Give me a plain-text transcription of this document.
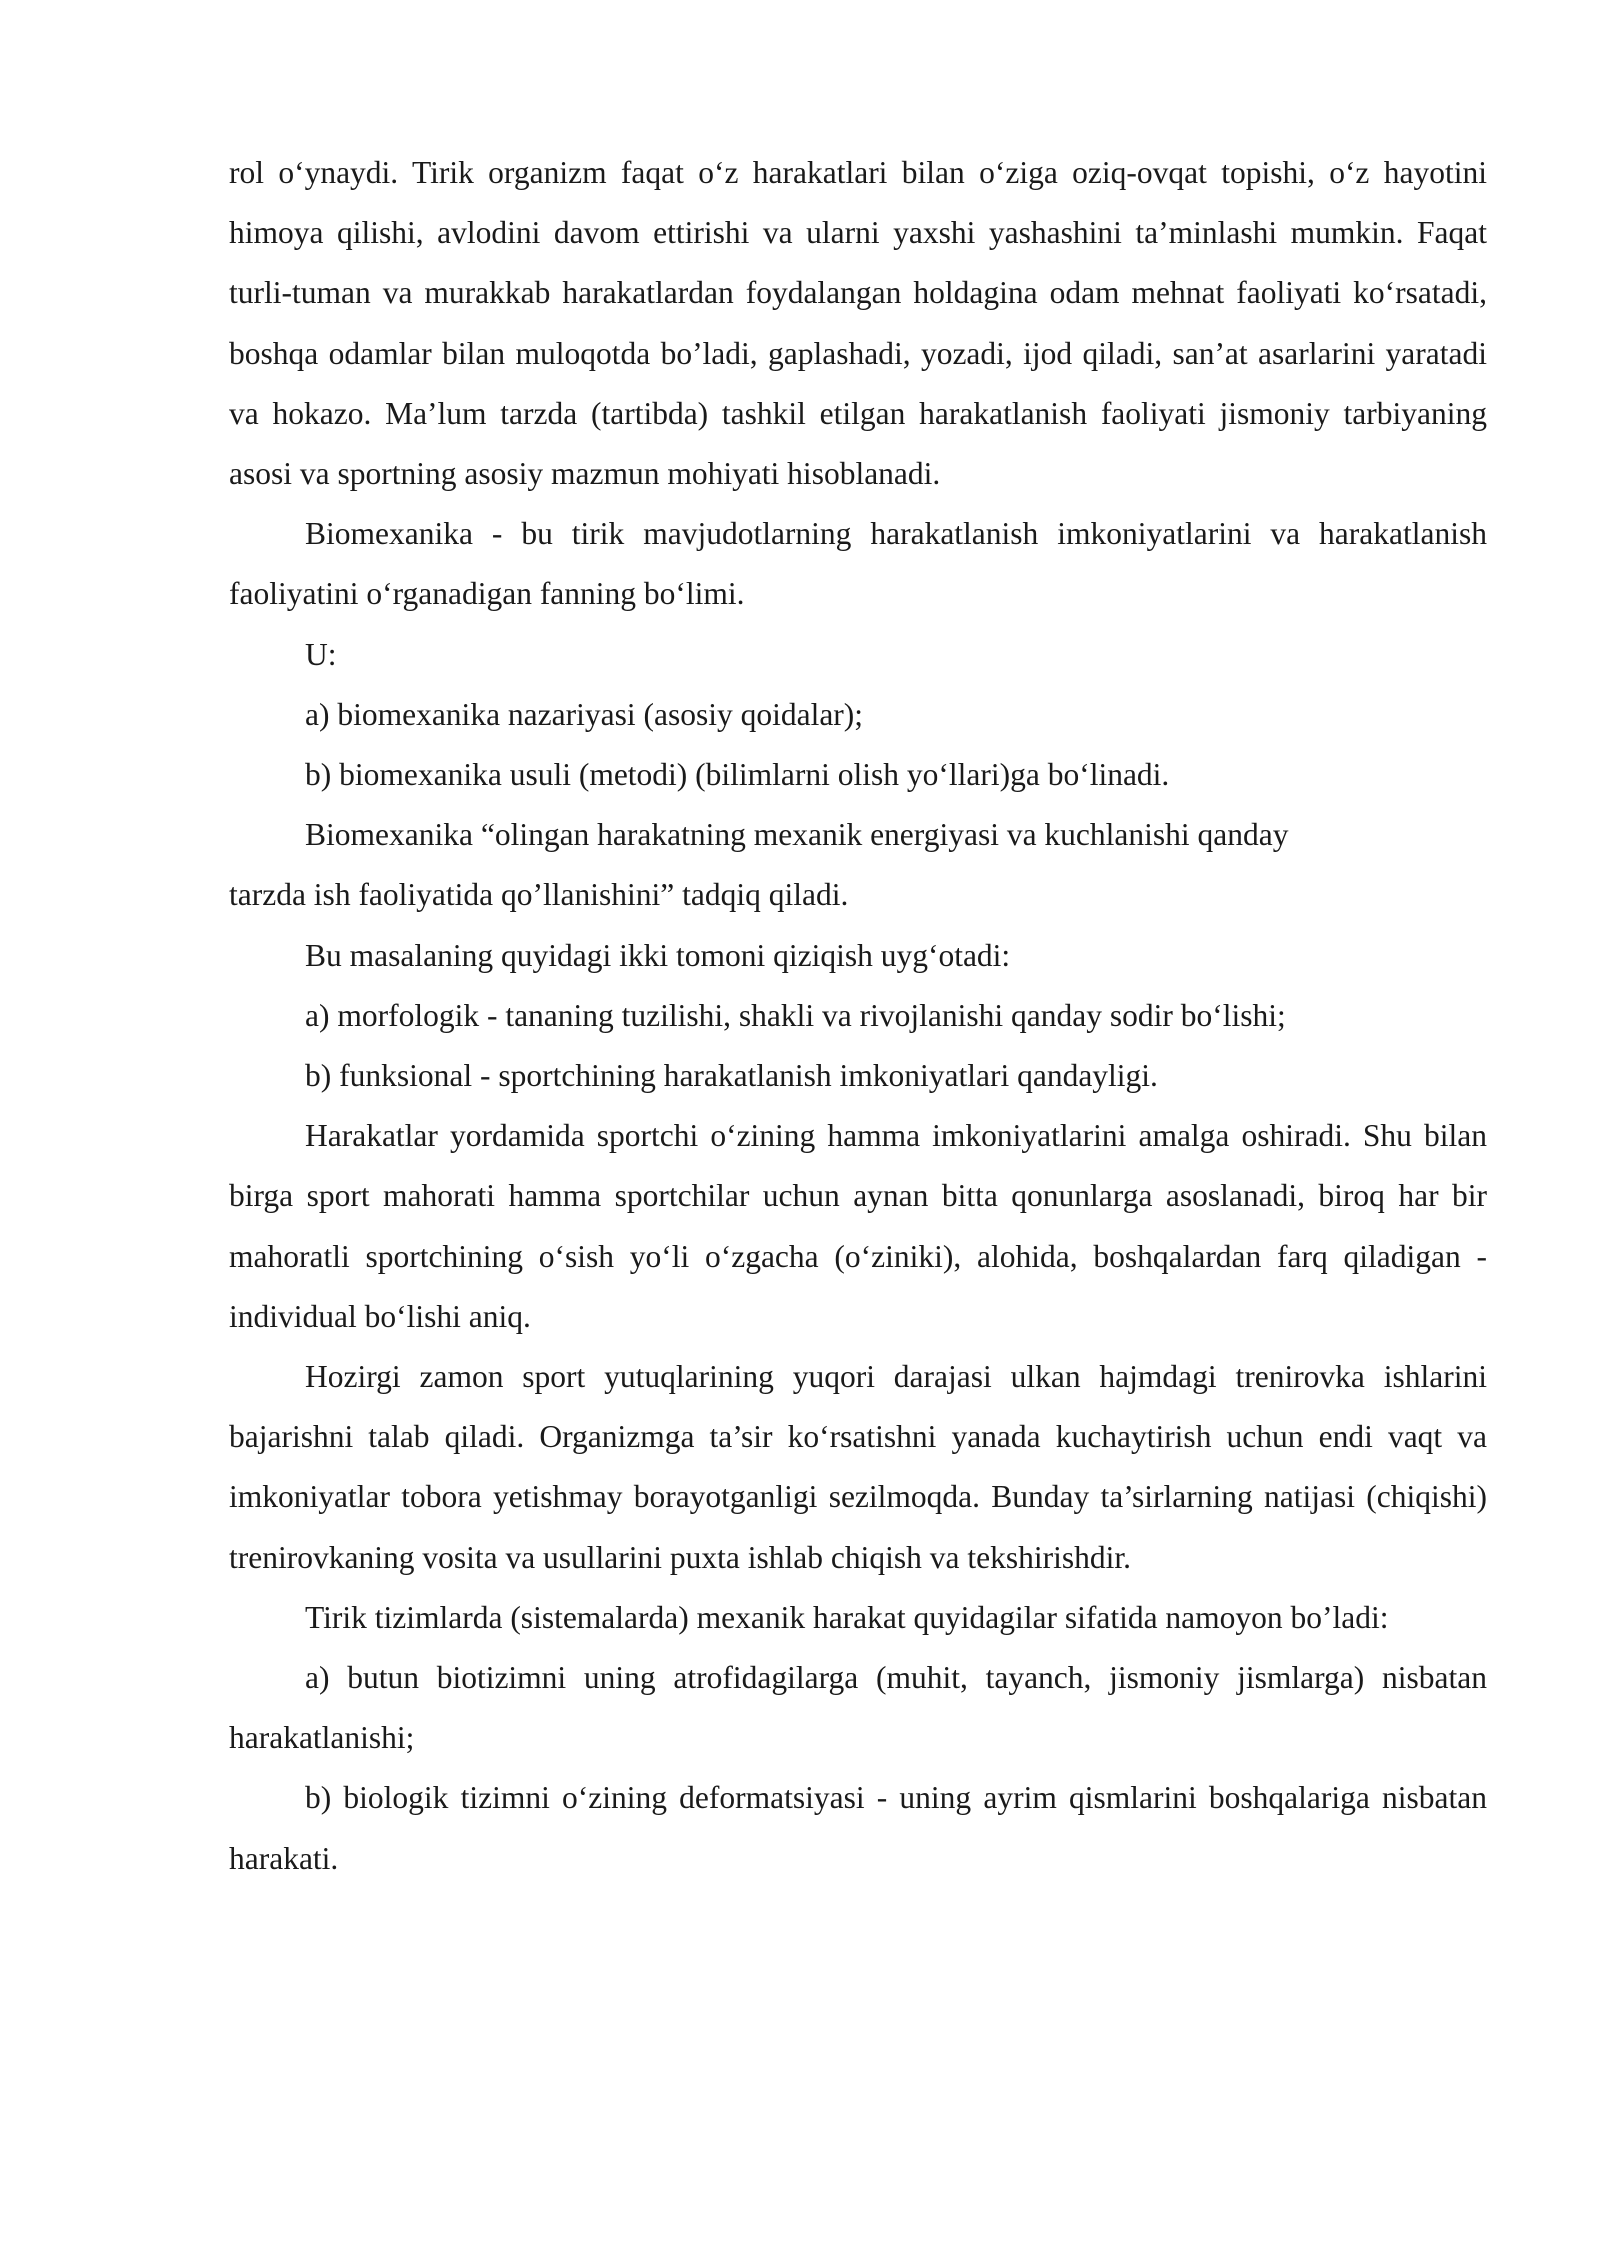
rol o‘ynaydi. Tirik organizm faqat o‘z harakatlari bilan o‘ziga oziq-ovqat topishi, o‘z hayotini himoya qilishi, avlodini davom ettirishi va ularni yaxshi yashashini ta’minlashi mumkin. Faqat turli-tuman va murakkab harakatlardan foydalangan holdagina odam mehnat faoliyati ko‘rsatadi, boshqa odamlar bilan muloqotda bo’ladi, gaplashadi, yozadi, ijod qiladi, san’at asarlarini yaratadi va hokazo. Ma’lum tarzda (tartibda) tashkil etilgan harakatlanish faoliyati jismoniy tarbiyaning asosi va sportning asosiy mazmun mohiyati hisoblanadi.

Biomexanika - bu tirik mavjudotlarning harakatlanish imkoniyatlarini va harakatlanish faoliyatini o‘rganadigan fanning bo‘limi.

U:

a) biomexanika nazariyasi (asosiy qoidalar);

b) biomexanika usuli (metodi) (bilimlarni olish yo‘llari)ga bo‘linadi.

Biomexanika “olingan harakatning mexanik energiyasi va kuchlanishi qanday

tarzda ish faoliyatida qo’llanishini” tadqiq qiladi.

Bu masalaning quyidagi ikki tomoni qiziqish uyg‘otadi:

a) morfologik - tananing tuzilishi, shakli va rivojlanishi qanday sodir bo‘lishi;

b) funksional - sportchining harakatlanish imkoniyatlari qandayligi.

Harakatlar yordamida sportchi o‘zining hamma imkoniyatlarini amalga oshiradi. Shu bilan birga sport mahorati hamma sportchilar uchun aynan bitta qonunlarga asoslanadi, biroq har bir mahoratli sportchining o‘sish yo‘li o‘zgacha (o‘ziniki), alohida, boshqalardan farq qiladigan - individual bo‘lishi aniq.

Hozirgi zamon sport yutuqlarining yuqori darajasi ulkan hajmdagi trenirovka ishlarini bajarishni talab qiladi. Organizmga ta’sir ko‘rsatishni yanada kuchaytirish uchun endi vaqt va imkoniyatlar tobora yetishmay borayotganligi sezilmoqda. Bunday ta’sirlarning natijasi (chiqishi) trenirovkaning vosita va usullarini puxta ishlab chiqish va tekshirishdir.

Tirik tizimlarda (sistemalarda) mexanik harakat quyidagilar sifatida namoyon bo’ladi:

a) butun biotizimni uning atrofidagilarga (muhit, tayanch, jismoniy jismlarga) nisbatan harakatlanishi;

b) biologik tizimni o‘zining deformatsiyasi - uning ayrim qismlarini boshqalariga nisbatan harakati.
